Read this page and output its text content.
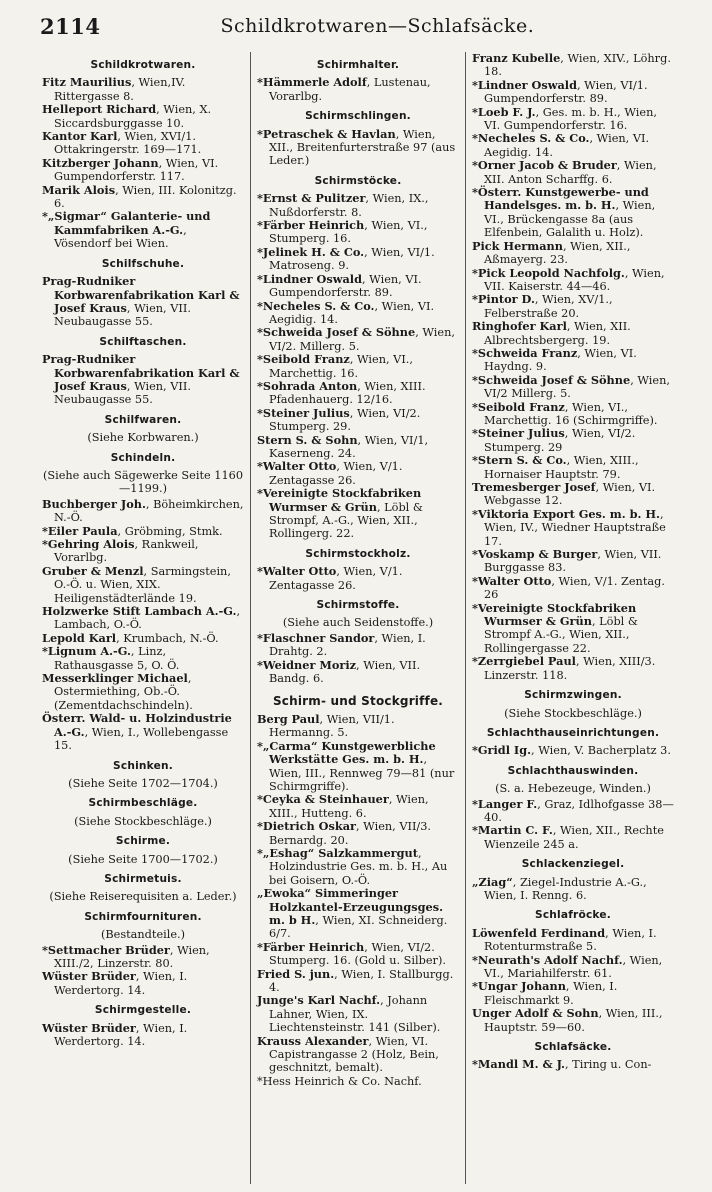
2114	Schildkrotwaren—Schlafsäcke.
Schildkrotwaren.
Fitz Maurilius, Wien,IV. Rittergasse 8.
Helleport Richard, Wien, X. Siccardsburggasse 10.
Kantor Karl, Wien, XVI/1. Ottakringerstr. 169—171.
Kitzberger Johann, Wien, VI. Gumpendorferstr. 117.
Marik Alois, Wien, III. Kolonitzg. 6.
*„Sigmar“ Galanterie- und Kammfabriken A.-G., Vösendorf bei Wien.
Schilfschuhe.
Prag-Rudniker Korbwarenfabrikation Karl & Josef Kraus, Wien, VII. Neubaugasse 55.
Schilftaschen.
Prag-Rudniker Korbwarenfabrikation Karl & Josef Kraus, Wien, VII. Neubaugasse 55.
Schilfwaren.
(Siehe Korbwaren.)
Schindeln.
(Siehe auch Sägewerke Seite 1160—1199.)
Buchberger Joh., Böheimkirchen, N.-Ö.
*Eiler Paula, Gröbming, Stmk.
*Gehring Alois, Rankweil, Vorarlbg.
Gruber & Menzl, Sarmingstein, O.-Ö. u. Wien, XIX. Heiligenstädterlände 19.
Holzwerke Stift Lambach A.-G., Lambach, O.-Ö.
Lepold Karl, Krumbach, N.-Ö.
*Lignum A.-G., Linz, Rathausgasse 5, O. Ö.
Messerklinger Michael, Ostermiething, Ob.-Ö. (Zementdachschindeln).
Österr. Wald- u. Holzindustrie A.-G., Wien, I., Wollebengasse 15.
Schinken.
(Siehe Seite 1702—1704.)
Schirmbeschläge.
(Siehe Stockbeschläge.)
Schirme.
(Siehe Seite 1700—1702.)
Schirmetuis.
(Siehe Reiserequisiten a. Leder.)
Schirmfournituren.
(Bestandteile.)
*Settmacher Brüder, Wien, XIII./2, Linzerstr. 80.
Wüster Brüder, Wien, I. Werdertorg. 14.
Schirmgestelle.
Wüster Brüder, Wien, I. Werdertorg. 14.
Schirmhalter.
*Hämmerle Adolf, Lustenau, Vorarlbg.
Schirmschlingen.
*Petraschek & Havlan, Wien, XII., Breitenfurterstraße 97 (aus Leder.)
Schirmstöcke.
*Ernst & Pulitzer, Wien, IX., Nußdorferstr. 8.
*Färber Heinrich, Wien, VI., Stumperg. 16.
*Jelinek H. & Co., Wien, VI/1. Matroseng. 9.
*Lindner Oswald, Wien, VI. Gumpendorferstr. 89.
*Necheles S. & Co., Wien, VI. Aegidig. 14.
*Schweida Josef & Söhne, Wien, VI/2. Millerg. 5.
*Seibold Franz, Wien, VI., Marchettig. 16.
*Sohrada Anton, Wien, XIII. Pfadenhauerg. 12/16.
*Steiner Julius, Wien, VI/2. Stumperg. 29.
Stern S. & Sohn, Wien, VI/1, Kaserneng. 24.
*Walter Otto, Wien, V/1. Zentagasse 26.
*Vereinigte Stockfabriken Wurmser & Grün, Löbl & Strompf, A.-G., Wien, XII., Rollingerg. 22.
Schirmstockholz.
*Walter Otto, Wien, V/1. Zentagasse 26.
Schirmstoffe.
(Siehe auch Seidenstoffe.)
*Flaschner Sandor, Wien, I. Drahtg. 2.
*Weidner Moriz, Wien, VII. Bandg. 6.
Schirm- und Stockgriffe.
Berg Paul, Wien, VII/1. Hermanng. 5.
*„Carma“ Kunstgewerbliche Werkstätte Ges. m. b. H., Wien, III., Rennweg 79—81 (nur Schirmgriffe).
*Ceyka & Steinhauer, Wien, XIII., Hutteng. 6.
*Dietrich Oskar, Wien, VII/3. Bernardg. 20.
*„Eshag“ Salzkammergut, Holzindustrie Ges. m. b. H., Au bei Goisern, O.-Ö.
„Ewoka“ Simmeringer Holzkantel-Erzeugungsges. m. b H., Wien, XI. Schneiderg. 6/7.
*Färber Heinrich, Wien, VI/2. Stumperg. 16. (Gold u. Silber).
Fried S. jun., Wien, I. Stallburgg. 4.
Junge's Karl Nachf., Johann Lahner, Wien, IX. Liechtensteinstr. 141 (Silber).
Krauss Alexander, Wien, VI. Capistrangasse 2 (Holz, Bein, geschnitzt, bemalt).
*Hess Heinrich & Co. Nachf.
Franz Kubelle, Wien, XIV., Löhrg. 18.
*Lindner Oswald, Wien, VI/1. Gumpendorferstr. 89.
*Loeb F. J., Ges. m. b. H., Wien, VI. Gumpendorferstr. 16.
*Necheles S. & Co., Wien, VI. Aegidig. 14.
*Orner Jacob & Bruder, Wien, XII. Anton Scharffg. 6.
*Österr. Kunstgewerbe- und Handelsges. m. b. H., Wien, VI., Brückengasse 8a (aus Elfenbein, Galalith u. Holz).
Pick Hermann, Wien, XII., Aßmayerg. 23.
*Pick Leopold Nachfolg., Wien, VII. Kaiserstr. 44—46.
*Pintor D., Wien, XV/1., Felberstraße 20.
Ringhofer Karl, Wien, XII. Albrechtsbergerg. 19.
*Schweida Franz, Wien, VI. Haydng. 9.
*Schweida Josef & Söhne, Wien, VI/2 Millerg. 5.
*Seibold Franz, Wien, VI., Marchettig. 16 (Schirmgriffe).
*Steiner Julius, Wien, VI/2. Stumperg. 29
*Stern S. & Co., Wien, XIII., Hornaiser Hauptstr. 79.
Tremesberger Josef, Wien, VI. Webgasse 12.
*Viktoria Export Ges. m. b. H., Wien, IV., Wiedner Hauptstraße 17.
*Voskamp & Burger, Wien, VII. Burggasse 83.
*Walter Otto, Wien, V/1. Zentag. 26
*Vereinigte Stockfabriken Wurmser & Grün, Löbl & Strompf A.-G., Wien, XII., Rollingergasse 22.
*Zerrgiebel Paul, Wien, XIII/3. Linzerstr. 118.
Schirmzwingen.
(Siehe Stockbeschläge.)
Schlachthauseinrichtungen.
*Gridl Ig., Wien, V. Bacherplatz 3.
Schlachthauswinden.
(S. a. Hebezeuge, Winden.)
*Langer F., Graz, Idlhofgasse 38—40.
*Martin C. F., Wien, XII., Rechte Wienzeile 245 a.
Schlackenziegel.
„Ziag“, Ziegel-Industrie A.-G., Wien, I. Renng. 6.
Schlafröcke.
Löwenfeld Ferdinand, Wien, I. Rotenturmstraße 5.
*Neurath's Adolf Nachf., Wien, VI., Mariahilferstr. 61.
*Ungar Johann, Wien, I. Fleischmarkt 9.
Unger Adolf & Sohn, Wien, III., Hauptstr. 59—60.
Schlafsäcke.
*Mandl M. & J., Tiring u. Con-
